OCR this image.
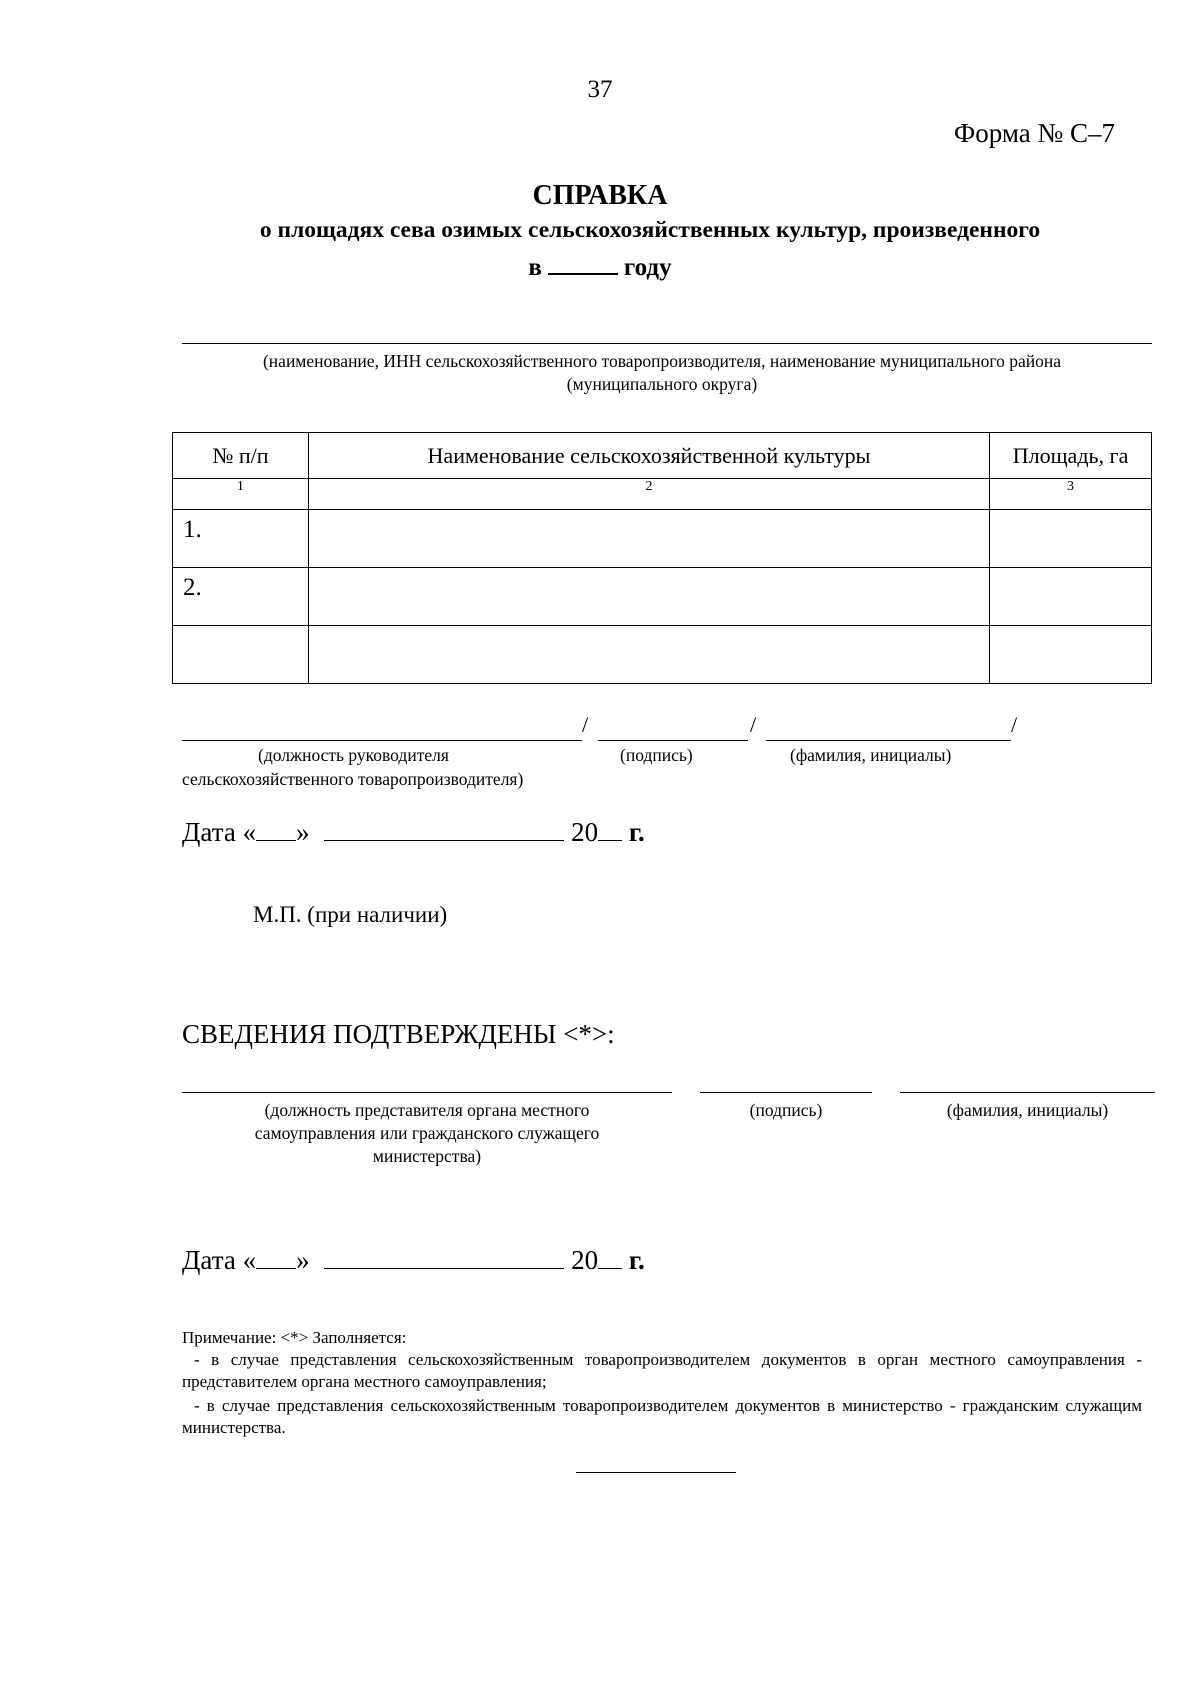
37
Форма № С–7
СПРАВКА
о площадях сева озимых сельскохозяйственных культур, произведенного
в	году
(наименование, ИНН сельскохозяйственного товаропроизводителя, наименование муниципального района
(муниципального округа)
№ п/п	Наименование сельскохозяйственной культуры	Площадь, га
1	2	3
1.		
2.		

/	/	/
(должность руководителя
сельскохозяйственного товаропроизводителя)
(подпись)	(фамилия, инициалы)
Дата « »	20 г.
М.П. (при наличии)
СВЕДЕНИЯ ПОДТВЕРЖДЕНЫ <*>:
(должность представителя органа местного
самоуправления или гражданского служащего
министерства)
(подпись)	(фамилия, инициалы)
Дата « »	20 г.
Примечание: <*> Заполняется:
- в случае представления сельскохозяйственным товаропроизводителем документов в орган местного самоуправления - представителем органа местного самоуправления;
- в случае представления сельскохозяйственным товаропроизводителем документов в министерство - гражданским служащим министерства.
